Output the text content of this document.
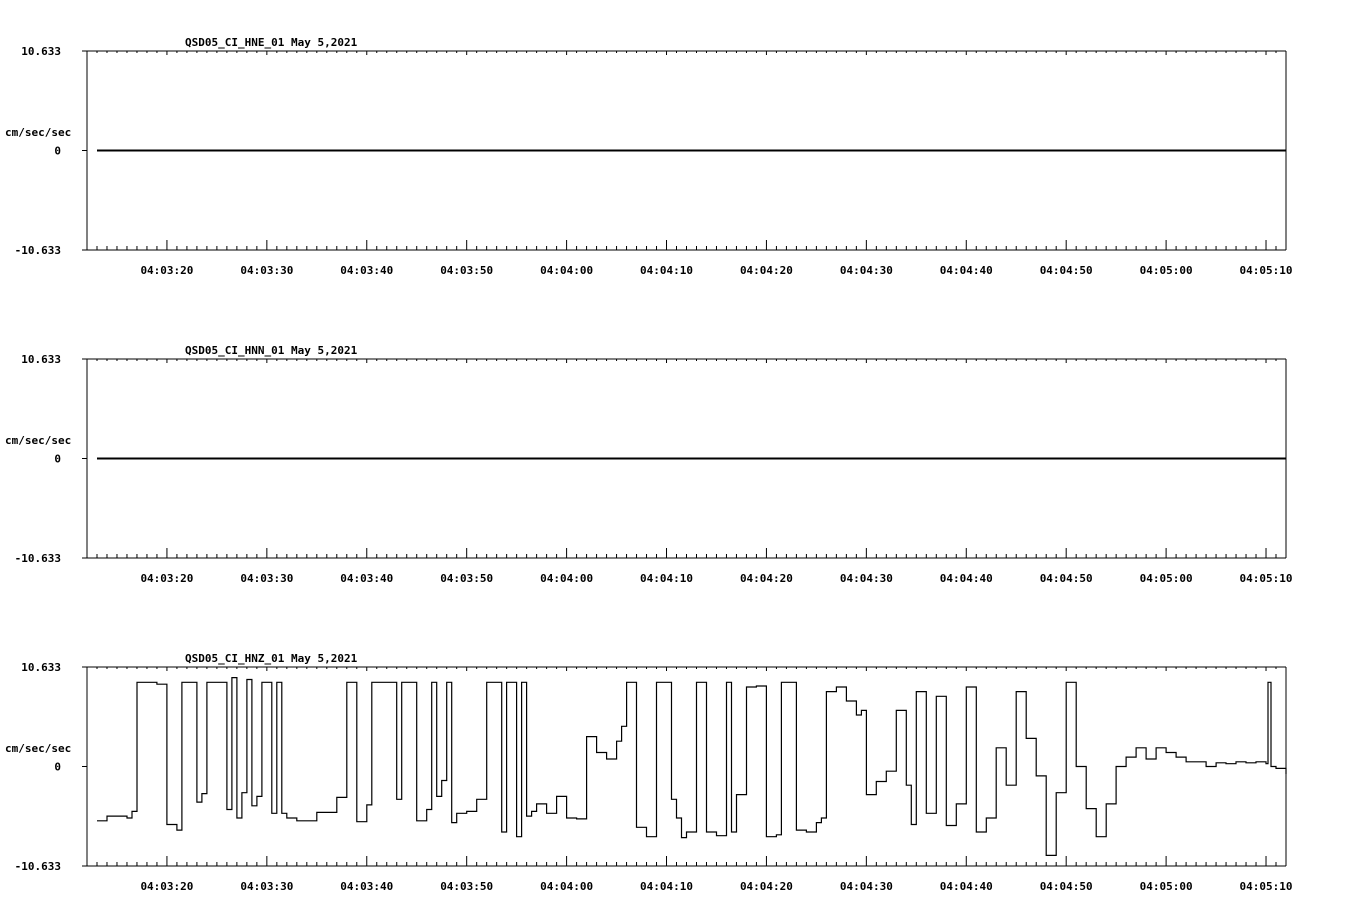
10.633
0
-10.633
cm/sec/sec
QSD05_CI_HNE_01 May 5,2021
04:03:20	04:03:30	04:03:40	04:03:50	04:04:00	04:04:10	04:04:20	04:04:30	04:04:40	04:04:50	04:05:00	04:05:10
10.633
0
-10.633
cm/sec/sec
QSD05_CI_HNN_01 May 5,2021
04:03:20	04:03:30	04:03:40	04:03:50	04:04:00	04:04:10	04:04:20	04:04:30	04:04:40	04:04:50	04:05:00	04:05:10
10.633
0
-10.633
cm/sec/sec
QSD05_CI_HNZ_01 May 5,2021
04:03:20	04:03:30	04:03:40	04:03:50	04:04:00	04:04:10	04:04:20	04:04:30	04:04:40	04:04:50	04:05:00	04:05:10
